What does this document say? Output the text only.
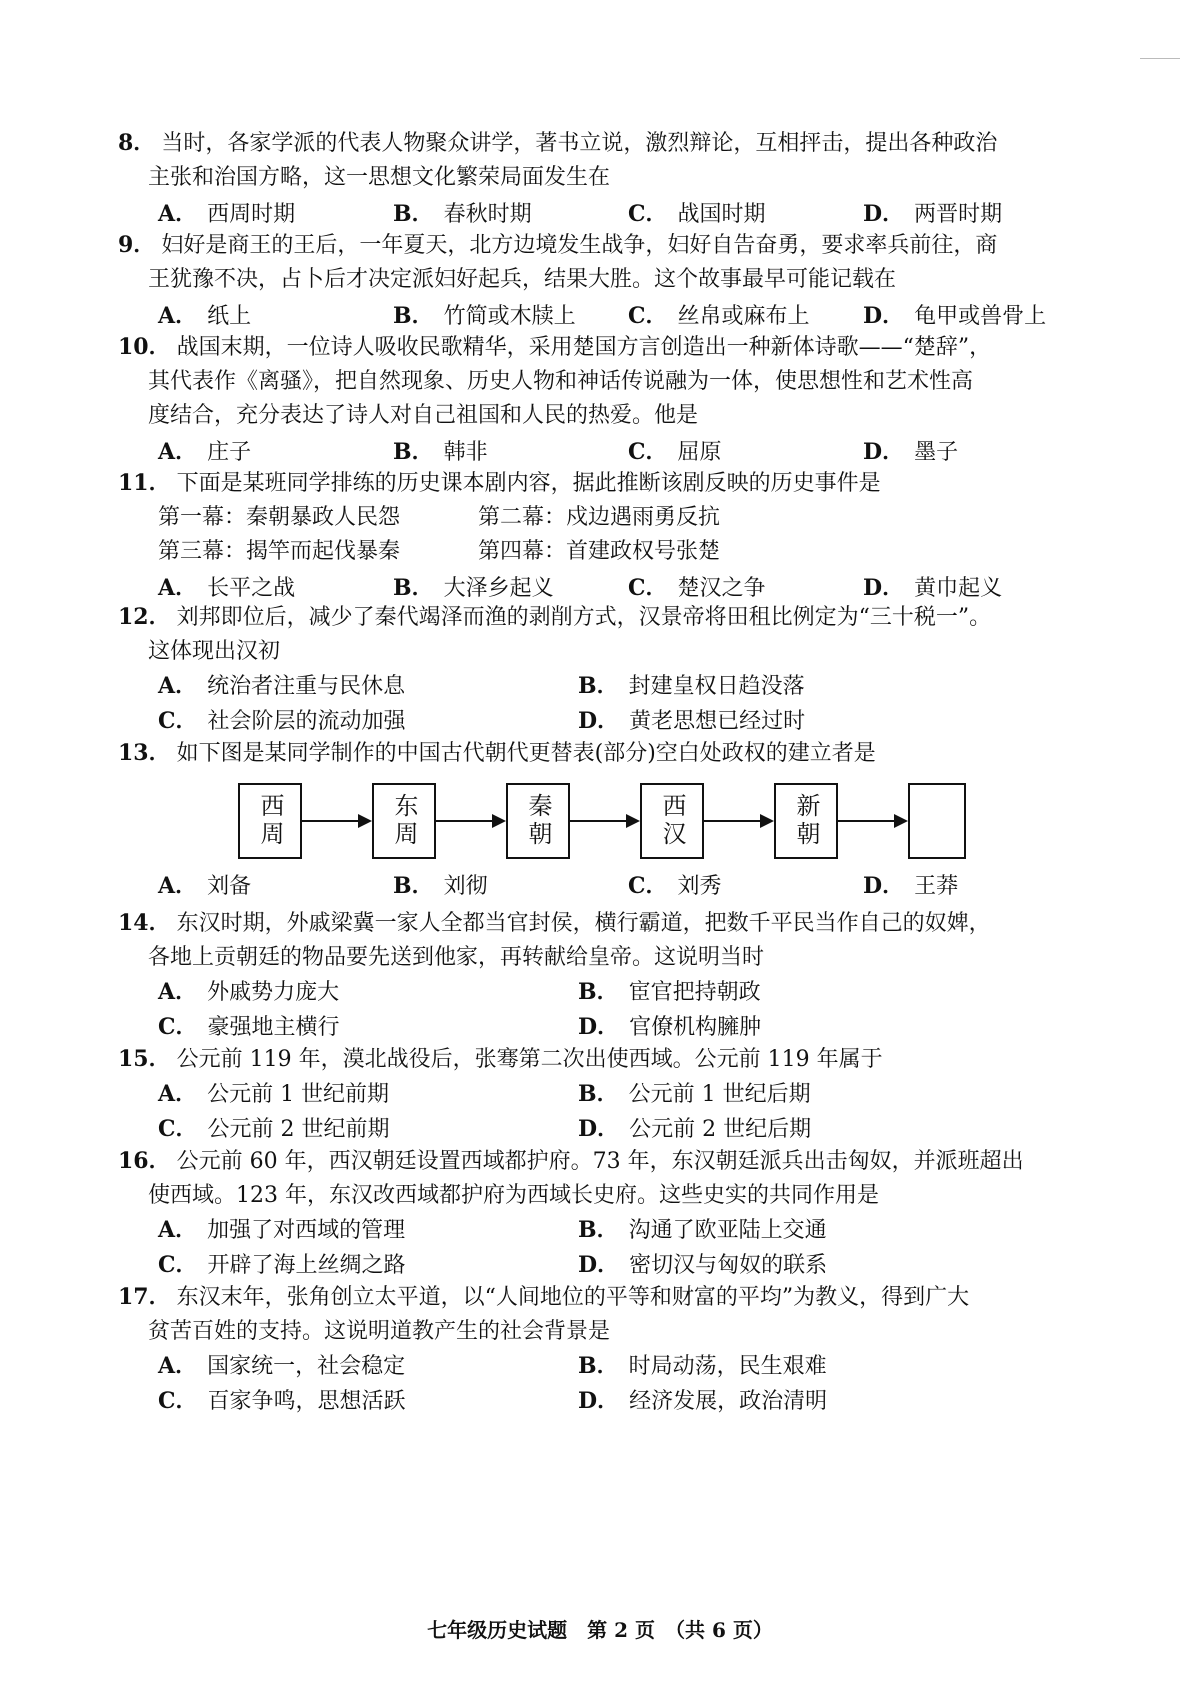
8． 当时，各家学派的代表人物聚众讲学，著书立说，激烈辩论，互相抨击，提出各种政治
主张和治国方略，这一思想文化繁荣局面发生在
A． 西周时期	B． 春秋时期	C． 战国时期	D． 两晋时期
9． 妇好是商王的王后，一年夏天，北方边境发生战争，妇好自告奋勇，要求率兵前往，商
王犹豫不决，占卜后才决定派妇好起兵，结果大胜。这个故事最早可能记载在
A． 纸上	B． 竹简或木牍上	C． 丝帛或麻布上	D． 龟甲或兽骨上
10． 战国末期，一位诗人吸收民歌精华，采用楚国方言创造出一种新体诗歌——“楚辞”，
其代表作《离骚》，把自然现象、历史人物和神话传说融为一体，使思想性和艺术性高
度结合，充分表达了诗人对自己祖国和人民的热爱。他是
A． 庄子	B． 韩非	C． 屈原	D． 墨子
11． 下面是某班同学排练的历史课本剧内容，据此推断该剧反映的历史事件是
第一幕：秦朝暴政人民怨	第二幕：戍边遇雨勇反抗
第三幕：揭竿而起伐暴秦	第四幕：首建政权号张楚
A． 长平之战	B． 大泽乡起义	C． 楚汉之争	D． 黄巾起义
12． 刘邦即位后，减少了秦代竭泽而渔的剥削方式，汉景帝将田租比例定为“三十税一”。
这体现出汉初
A． 统治者注重与民休息	B． 封建皇权日趋没落
C． 社会阶层的流动加强	D． 黄老思想已经过时
13． 如下图是某同学制作的中国古代朝代更替表(部分)空白处政权的建立者是
西周	东周	秦朝	西汉	新朝
A． 刘备	B． 刘彻	C． 刘秀	D． 王莽
14． 东汉时期，外戚梁冀一家人全都当官封侯，横行霸道，把数千平民当作自己的奴婢，
各地上贡朝廷的物品要先送到他家，再转献给皇帝。这说明当时
A． 外戚势力庞大	B． 宦官把持朝政
C． 豪强地主横行	D． 官僚机构臃肿
15． 公元前 119 年，漠北战役后，张骞第二次出使西域。公元前 119 年属于
A． 公元前 1 世纪前期	B． 公元前 1 世纪后期
C． 公元前 2 世纪前期	D． 公元前 2 世纪后期
16． 公元前 60 年，西汉朝廷设置西域都护府。73 年，东汉朝廷派兵出击匈奴，并派班超出
使西域。123 年，东汉改西域都护府为西域长史府。这些史实的共同作用是
A． 加强了对西域的管理	B． 沟通了欧亚陆上交通
C． 开辟了海上丝绸之路	D． 密切汉与匈奴的联系
17． 东汉末年，张角创立太平道，以“人间地位的平等和财富的平均”为教义，得到广大
贫苦百姓的支持。这说明道教产生的社会背景是
A． 国家统一，社会稳定	B． 时局动荡，民生艰难
C． 百家争鸣，思想活跃	D． 经济发展，政治清明
七年级历史试题　第 2 页　（共 6 页）
